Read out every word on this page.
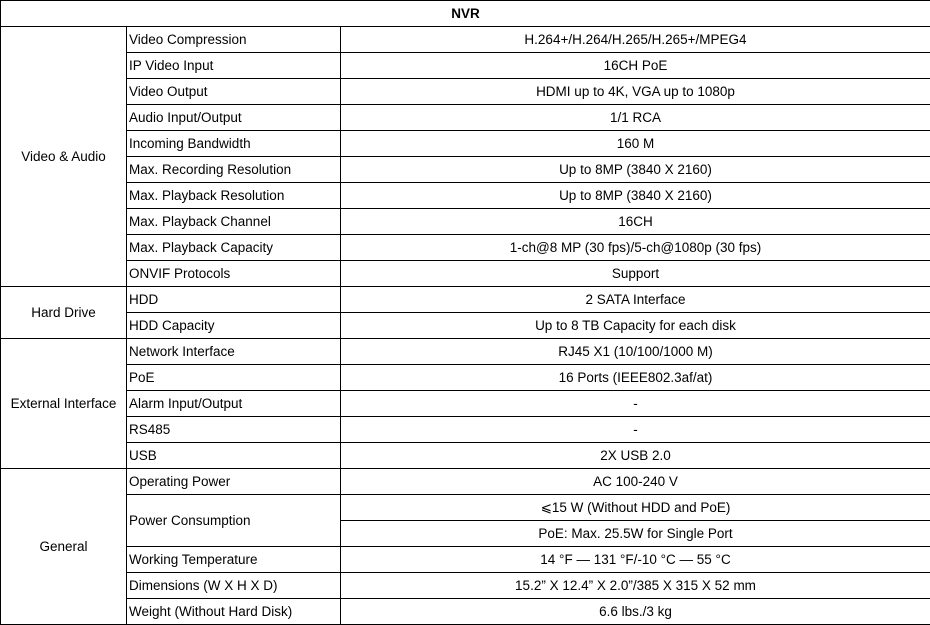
NVR		
Video & Audio	Video Compression	H.264+/H.264/H.265/H.265+/MPEG4
	IP Video Input	16CH PoE
	Video Output	HDMI up to 4K, VGA up to 1080p
	Audio Input/Output	1/1 RCA
	Incoming Bandwidth	160 M
	Max. Recording Resolution	Up to 8MP (3840 X 2160)
	Max. Playback Resolution	Up to 8MP (3840 X 2160)
	Max. Playback Channel	16CH
	Max. Playback Capacity	1-ch@8 MP (30 fps)/5-ch@1080p (30 fps)
	ONVIF Protocols	Support
Hard Drive	HDD	2 SATA Interface
	HDD Capacity	Up to 8 TB Capacity for each disk
External Interface	Network Interface	RJ45 X1 (10/100/1000 M)
	PoE	16 Ports (IEEE802.3af/at)
	Alarm Input/Output	-
	RS485	-
	USB	2X USB 2.0
General	Operating Power	AC 100-240 V
	Power Consumption	⩽15 W (Without HDD and PoE)
		PoE: Max. 25.5W for Single Port
	Working Temperature	14 °F — 131 °F/-10 °C — 55 °C
	Dimensions (W X H X D)	15.2” X 12.4” X 2.0”/385 X 315 X 52 mm
	Weight (Without Hard Disk)	6.6 lbs./3 kg
